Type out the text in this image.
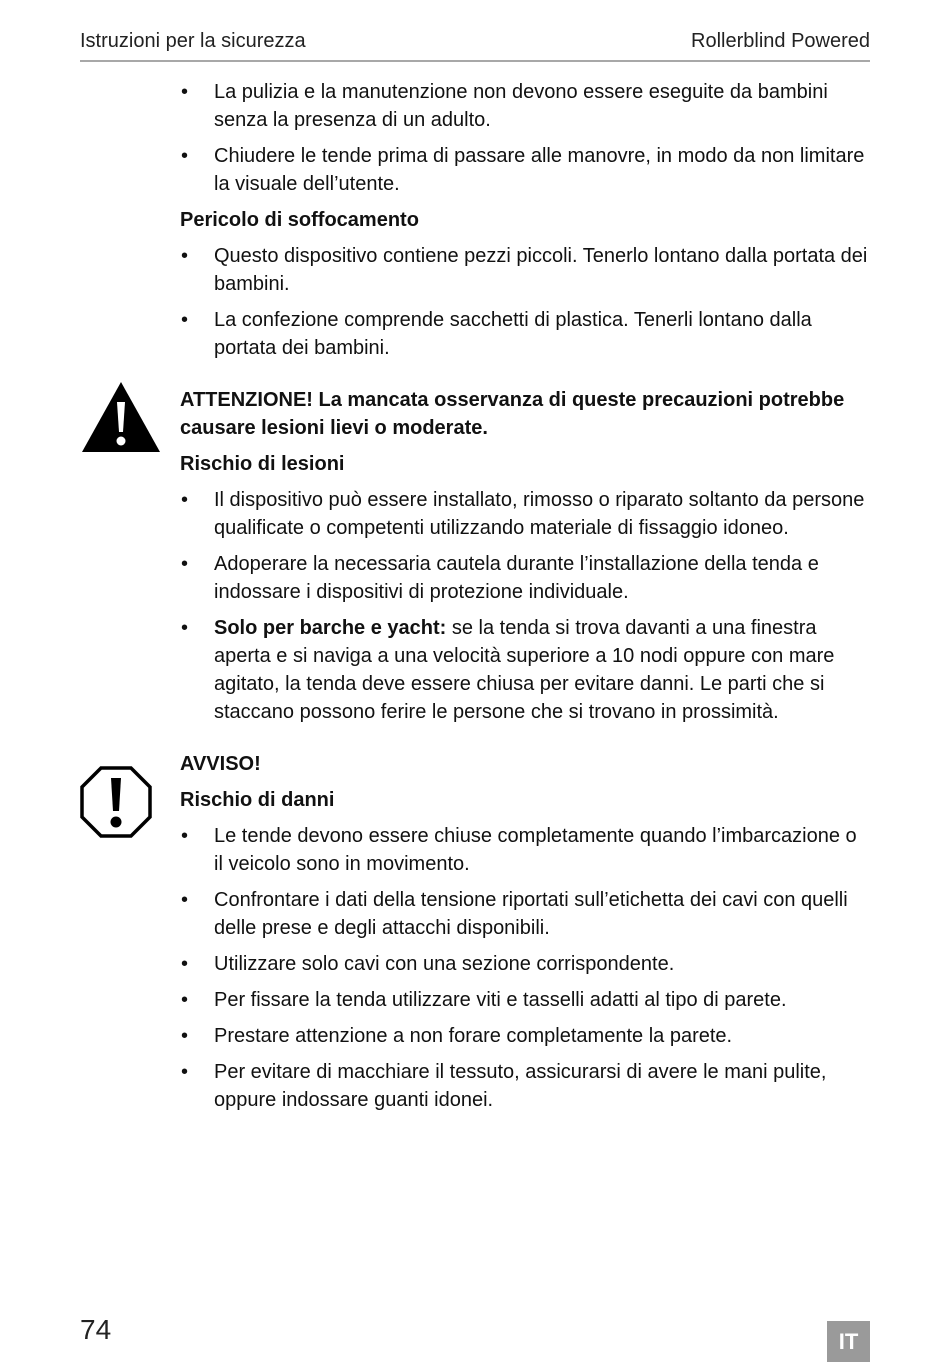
Istruzioni per la sicurezza	Rollerblind Powered
• La pulizia e la manutenzione non devono essere eseguite da bambini senza la presenza di un adulto.
• Chiudere le tende prima di passare alle manovre, in modo da non limitare la visuale dell’utente.
Pericolo di soffocamento
• Questo dispositivo contiene pezzi piccoli. Tenerlo lontano dalla portata dei bambini.
• La confezione comprende sacchetti di plastica. Tenerli lontano dalla portata dei bambini.
ATTENZIONE! La mancata osservanza di queste precauzioni potrebbe causare lesioni lievi o moderate.
Rischio di lesioni
• Il dispositivo può essere installato, rimosso o riparato soltanto da persone qualificate o competenti utilizzando materiale di fissaggio idoneo.
• Adoperare la necessaria cautela durante l’installazione della tenda e indossare i dispositivi di protezione individuale.
• Solo per barche e yacht: se la tenda si trova davanti a una finestra aperta e si naviga a una velocità superiore a 10 nodi oppure con mare agitato, la tenda deve essere chiusa per evitare danni. Le parti che si staccano possono ferire le persone che si trovano in prossimità.
AVVISO!
Rischio di danni
• Le tende devono essere chiuse completamente quando l’imbarcazione o il veicolo sono in movimento.
• Confrontare i dati della tensione riportati sull’etichetta dei cavi con quelli delle prese e degli attacchi disponibili.
• Utilizzare solo cavi con una sezione corrispondente.
• Per fissare la tenda utilizzare viti e tasselli adatti al tipo di parete.
• Prestare attenzione a non forare completamente la parete.
• Per evitare di macchiare il tessuto, assicurarsi di avere le mani pulite, oppure indossare guanti idonei.
74	IT
